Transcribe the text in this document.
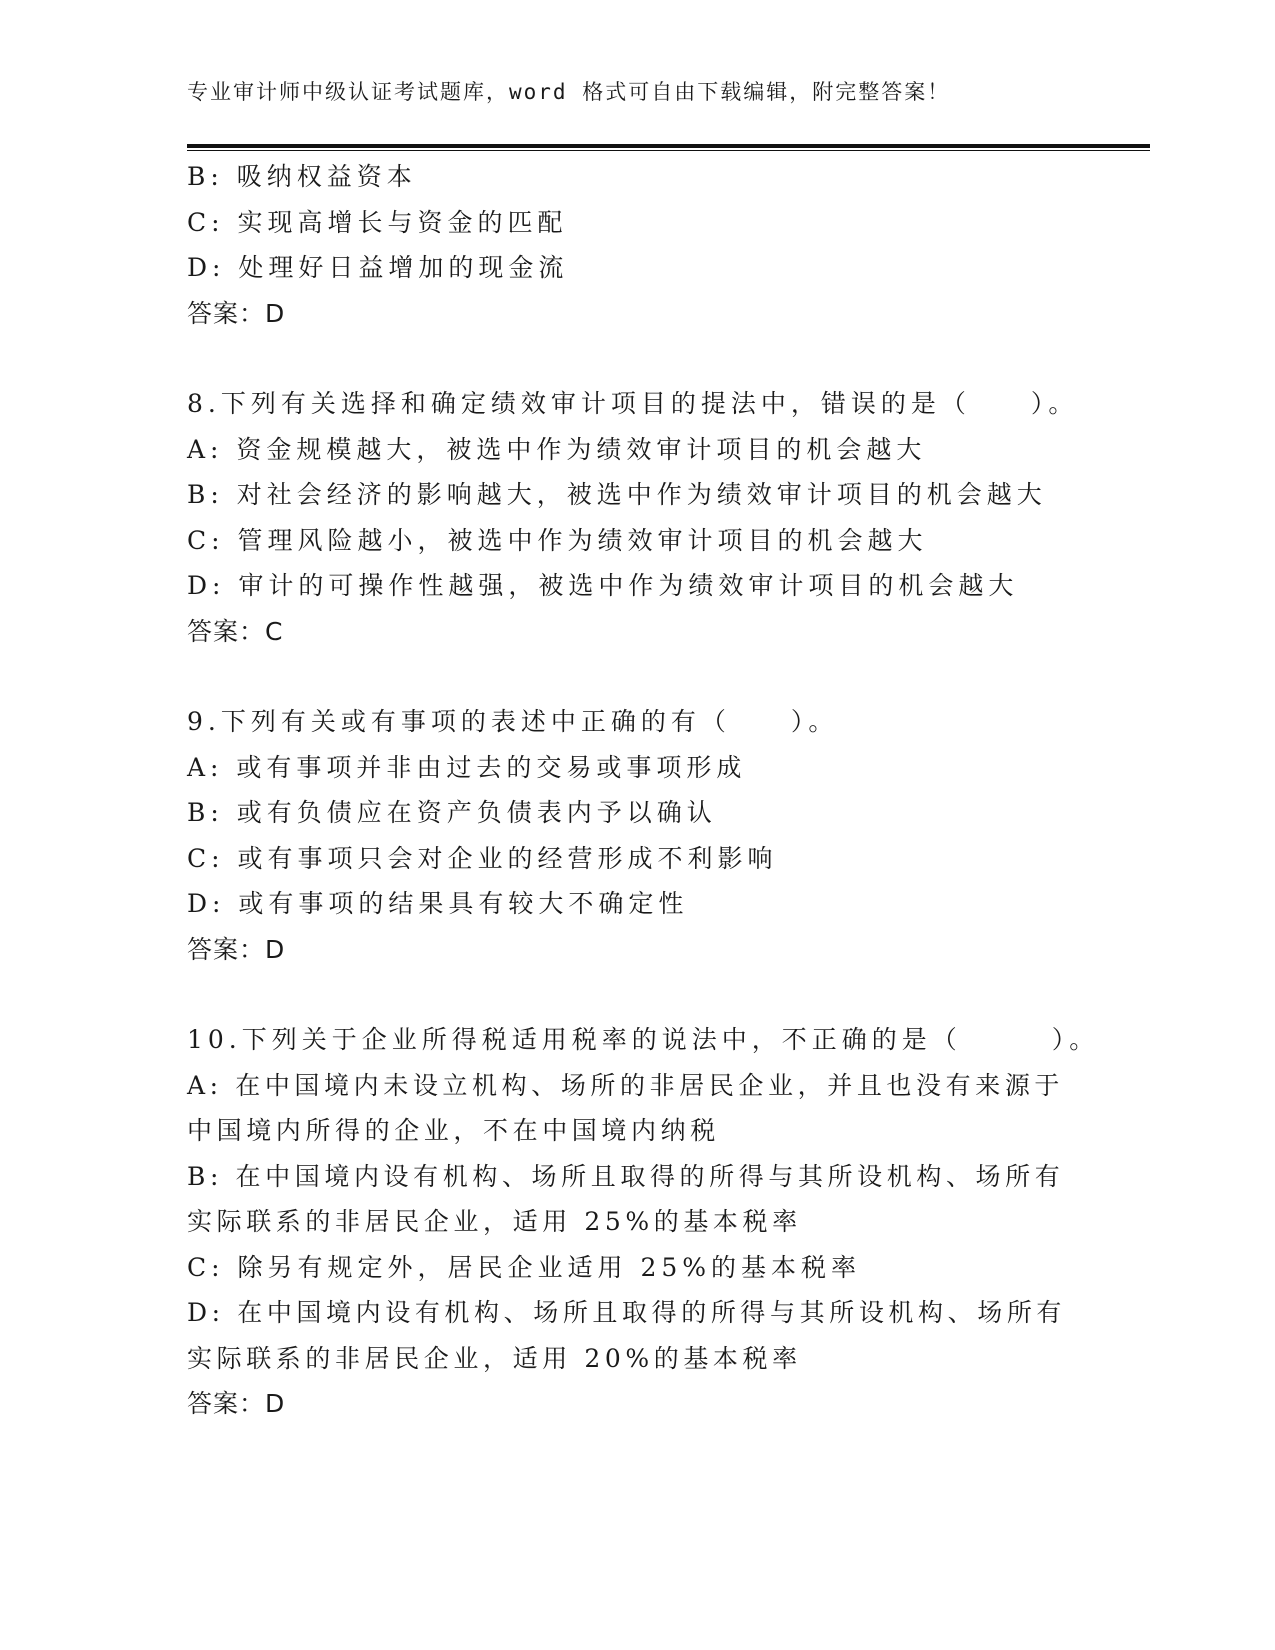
专业审计师中级认证考试题库，word 格式可自由下载编辑，附完整答案！

B: 吸纳权益资本

C: 实现高增长与资金的匹配

D: 处理好日益增加的现金流

答案：D

8.下列有关选择和确定绩效审计项目的提法中，错误的是（　　）。

A: 资金规模越大，被选中作为绩效审计项目的机会越大

B: 对社会经济的影响越大，被选中作为绩效审计项目的机会越大

C: 管理风险越小，被选中作为绩效审计项目的机会越大

D: 审计的可操作性越强，被选中作为绩效审计项目的机会越大

答案：C

9.下列有关或有事项的表述中正确的有（　　）。

A: 或有事项并非由过去的交易或事项形成

B: 或有负债应在资产负债表内予以确认

C: 或有事项只会对企业的经营形成不利影响

D: 或有事项的结果具有较大不确定性

答案：D

10.下列关于企业所得税适用税率的说法中，不正确的是（　　　）。

A: 在中国境内未设立机构、场所的非居民企业，并且也没有来源于中国境内所得的企业，不在中国境内纳税

B: 在中国境内设有机构、场所且取得的所得与其所设机构、场所有实际联系的非居民企业，适用 25%的基本税率

C: 除另有规定外，居民企业适用 25%的基本税率

D: 在中国境内设有机构、场所且取得的所得与其所设机构、场所有实际联系的非居民企业，适用 20%的基本税率

答案：D
